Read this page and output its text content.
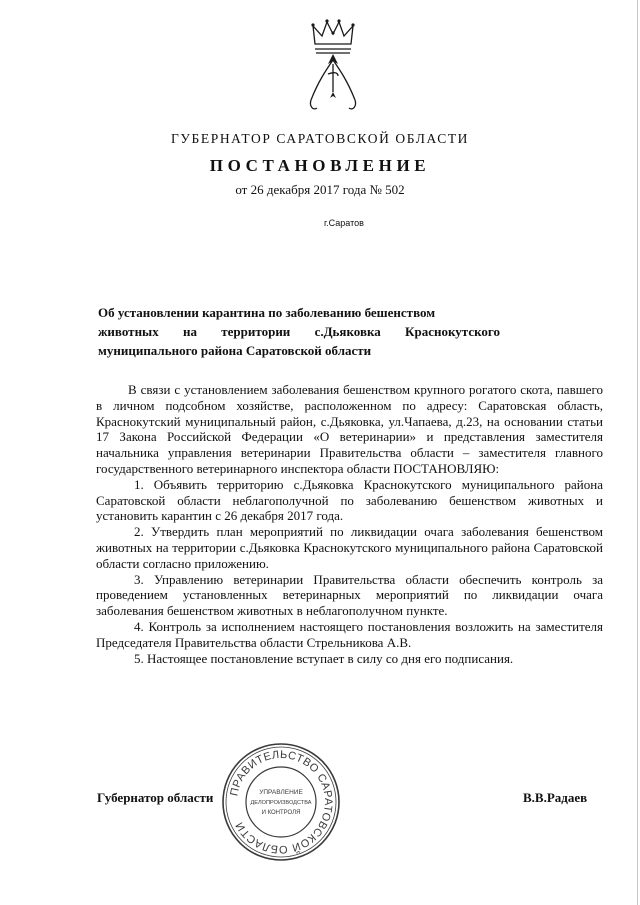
ГУБЕРНАТОР САРАТОВСКОЙ ОБЛАСТИ
ПОСТАНОВЛЕНИЕ
от 26 декабря 2017 года № 502
г.Саратов
Об установлении карантина по заболеванию бешенством
животных на территории с.Дьяковка Краснокутского
муниципального района Саратовской области

В связи с установлением заболевания бешенством крупного рогатого скота, павшего в личном подсобном хозяйстве, расположенном по адресу: Саратовская область, Краснокутский муниципальный район, с.Дьяковка, ул.Чапаева, д.23, на основании статьи 17 Закона Российской Федерации «О ветеринарии» и представления заместителя начальника управления ветеринарии Правительства области – заместителя главного государственного ветеринарного инспектора области ПОСТАНОВЛЯЮ:

1. Объявить территорию с.Дьяковка Краснокутского муниципального района Саратовской области неблагополучной по заболеванию бешенством животных и установить карантин с 26 декабря 2017 года.

2. Утвердить план мероприятий по ликвидации очага заболевания бешенством животных на территории с.Дьяковка Краснокутского муниципального района Саратовской области согласно приложению.

3. Управлению ветеринарии Правительства области обеспечить контроль за проведением установленных ветеринарных мероприятий по ликвидации очага заболевания бешенством животных в неблагополучном пункте.

4. Контроль за исполнением настоящего постановления возложить на заместителя Председателя Правительства области Стрельникова А.В.

5. Настоящее постановление вступает в силу со дня его подписания.

Губернатор области	В.В.Радаев
ПРАВИТЕЛЬСТВО САРАТОВСКОЙ ОБЛАСТИ
УПРАВЛЕНИЕ
ДЕЛОПРОИЗВОДСТВА
И КОНТРОЛЯ
